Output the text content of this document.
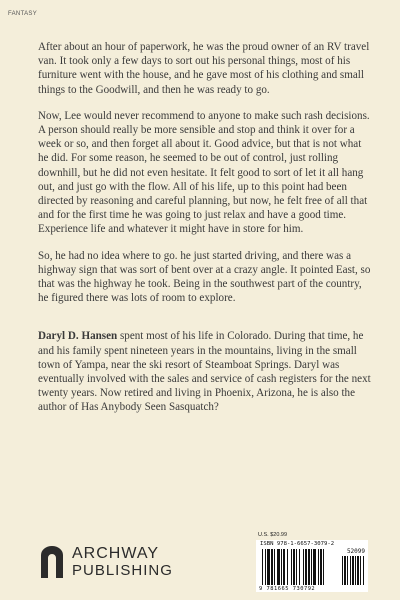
FANTASY

After about an hour of paperwork, he was the proud owner of an RV travel van. It took only a few days to sort out his personal things, most of his furniture went with the house, and he gave most of his clothing and small things to the Goodwill, and then he was ready to go.

Now, Lee would never recommend to anyone to make such rash decisions. A person should really be more sensible and stop and think it over for a week or so, and then forget all about it. Good advice, but that is not what he did. For some reason, he seemed to be out of control, just rolling downhill, but he did not even hesitate. It felt good to sort of let it all hang out, and just go with the flow. All of his life, up to this point had been directed by reasoning and careful planning, but now, he felt free of all that and for the first time he was going to just relax and have a good time. Experience life and whatever it might have in store for him.

So, he had no idea where to go. he just started driving, and there was a highway sign that was sort of bent over at a crazy angle. It pointed East, so that was the highway he took. Being in the southwest part of the country, he figured there was lots of room to explore.

Daryl D. Hansen spent most of his life in Colorado. During that time, he and his family spent nineteen years in the mountains, living in the small town of Yampa, near the ski resort of Steamboat Springs. Daryl was eventually involved with the sales and service of cash registers for the next twenty years. Now retired and living in Phoenix, Arizona, he is also the author of Has Anybody Seen Sasquatch?

ARCHWAY
PUBLISHING
U.S. $20.99
ISBN 978-1-6657-3079-2
52099
9 781665 730792
